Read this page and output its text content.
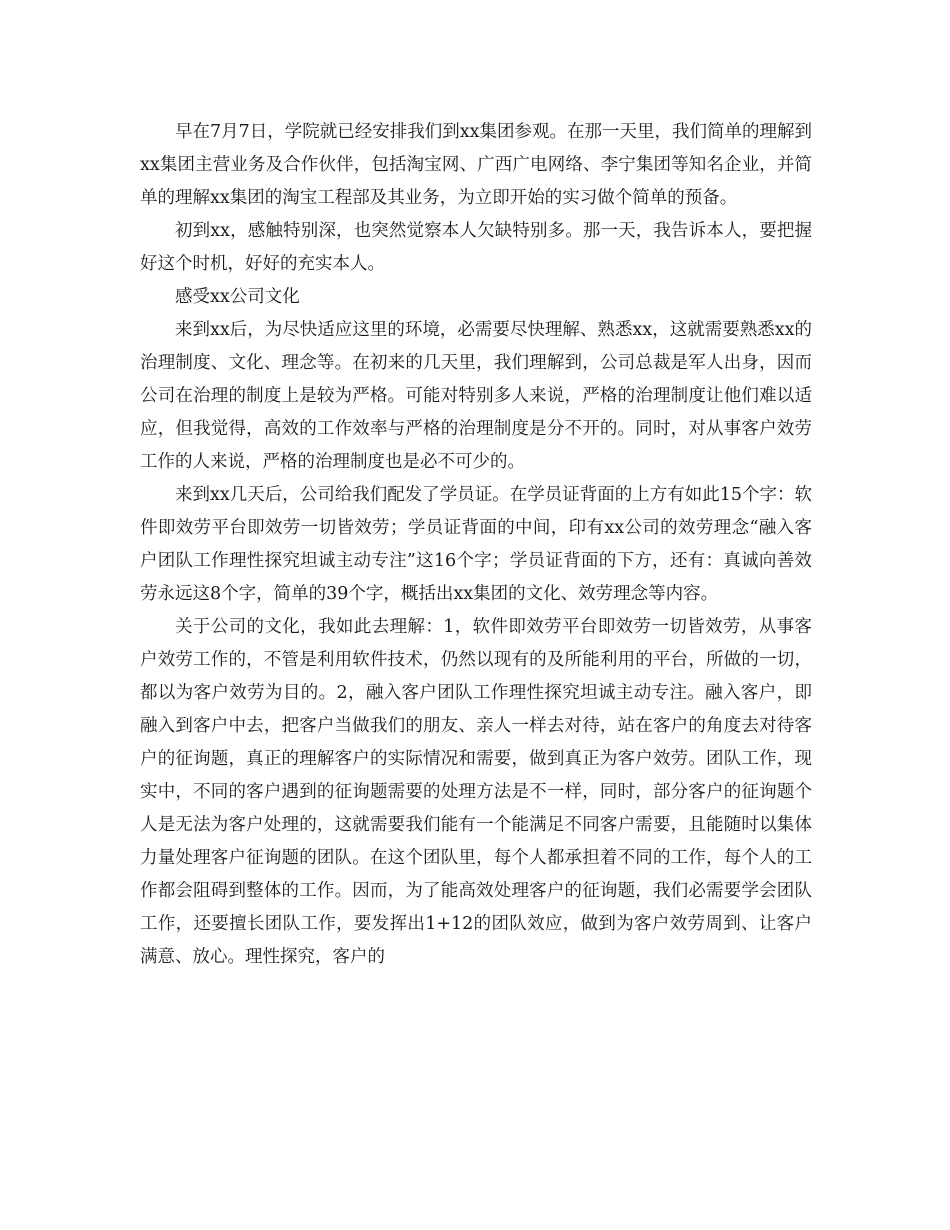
早在7月7日，学院就已经安排我们到xx集团参观。在那一天里，我们简单的理解到xx集团主营业务及合作伙伴，包括淘宝网、广西广电网络、李宁集团等知名企业，并简单的理解xx集团的淘宝工程部及其业务，为立即开始的实习做个简单的预备。

初到xx，感触特别深，也突然觉察本人欠缺特别多。那一天，我告诉本人，要把握好这个时机，好好的充实本人。

感受xx公司文化

来到xx后，为尽快适应这里的环境，必需要尽快理解、熟悉xx，这就需要熟悉xx的治理制度、文化、理念等。在初来的几天里，我们理解到，公司总裁是军人出身，因而公司在治理的制度上是较为严格。可能对特别多人来说，严格的治理制度让他们难以适应，但我觉得，高效的工作效率与严格的治理制度是分不开的。同时，对从事客户效劳工作的人来说，严格的治理制度也是必不可少的。

来到xx几天后，公司给我们配发了学员证。在学员证背面的上方有如此15个字：软件即效劳平台即效劳一切皆效劳；学员证背面的中间，印有xx公司的效劳理念“融入客户团队工作理性探究坦诚主动专注”这16个字；学员证背面的下方，还有：真诚向善效劳永远这8个字，简单的39个字，概括出xx集团的文化、效劳理念等内容。

关于公司的文化，我如此去理解：1，软件即效劳平台即效劳一切皆效劳，从事客户效劳工作的，不管是利用软件技术，仍然以现有的及所能利用的平台，所做的一切，都以为客户效劳为目的。2，融入客户团队工作理性探究坦诚主动专注。融入客户，即融入到客户中去，把客户当做我们的朋友、亲人一样去对待，站在客户的角度去对待客户的征询题，真正的理解客户的实际情况和需要，做到真正为客户效劳。团队工作，现实中，不同的客户遇到的征询题需要的处理方法是不一样，同时，部分客户的征询题个人是无法为客户处理的，这就需要我们能有一个能满足不同客户需要，且能随时以集体力量处理客户征询题的团队。在这个团队里，每个人都承担着不同的工作，每个人的工作都会阻碍到整体的工作。因而，为了能高效处理客户的征询题，我们必需要学会团队工作，还要擅长团队工作，要发挥出1+12的团队效应，做到为客户效劳周到、让客户满意、放心。理性探究，客户的
